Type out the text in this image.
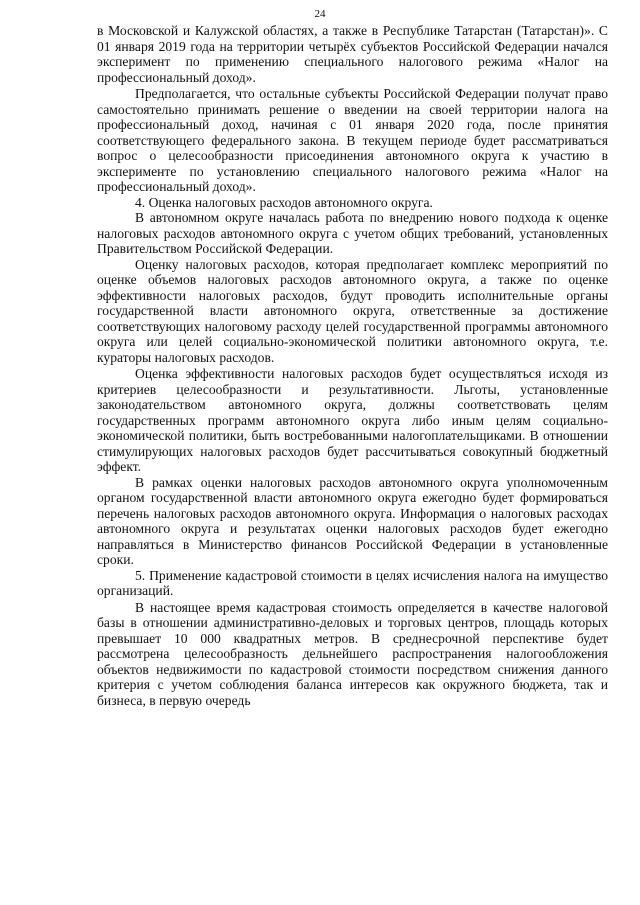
24

в Московской и Калужской областях, а также в Республике Татарстан (Татарстан)». С 01 января 2019 года на территории четырёх субъектов Российской Федерации начался эксперимент по применению специального налогового режима «Налог на профессиональный доход».

Предполагается, что остальные субъекты Российской Федерации получат право самостоятельно принимать решение о введении на своей территории налога на профессиональный доход, начиная с 01 января 2020 года, после принятия соответствующего федерального закона. В текущем периоде будет рассматриваться вопрос о целесообразности присоединения автономного округа к участию в эксперименте по установлению специального налогового режима «Налог на профессиональный доход».

4. Оценка налоговых расходов автономного округа.

В автономном округе началась работа по внедрению нового подхода к оценке налоговых расходов автономного округа с учетом общих требований, установленных Правительством Российской Федерации.

Оценку налоговых расходов, которая предполагает комплекс мероприятий по оценке объемов налоговых расходов автономного округа, а также по оценке эффективности налоговых расходов, будут проводить исполнительные органы государственной власти автономного округа, ответственные за достижение соответствующих налоговому расходу целей государственной программы автономного округа или целей социально-экономической политики автономного округа, т.е. кураторы налоговых расходов.

Оценка эффективности налоговых расходов будет осуществляться исходя из критериев целесообразности и результативности. Льготы, установленные законодательством автономного округа, должны соответствовать целям государственных программ автономного округа либо иным целям социально-экономической политики, быть востребованными налогоплательщиками. В отношении стимулирующих налоговых расходов будет рассчитываться совокупный бюджетный эффект.

В рамках оценки налоговых расходов автономного округа уполномоченным органом государственной власти автономного округа ежегодно будет формироваться перечень налоговых расходов автономного округа. Информация о налоговых расходах автономного округа и результатах оценки налоговых расходов будет ежегодно направляться в Министерство финансов Российской Федерации в установленные сроки.

5. Применение кадастровой стоимости в целях исчисления налога на имущество организаций.

В настоящее время кадастровая стоимость определяется в качестве налоговой базы в отношении административно-деловых и торговых центров, площадь которых превышает 10 000 квадратных метров. В среднесрочной перспективе будет рассмотрена целесообразность дельнейшего распространения налогообложения объектов недвижимости по кадастровой стоимости посредством снижения данного критерия с учетом соблюдения баланса интересов как окружного бюджета, так и бизнеса, в первую очередь
